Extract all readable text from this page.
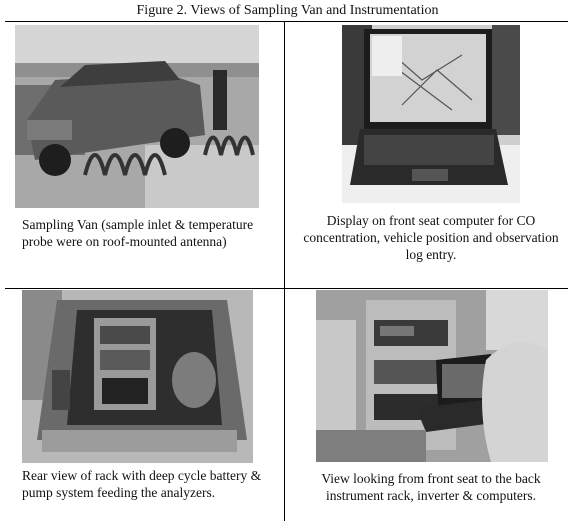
Figure 2. Views of Sampling Van and Instrumentation
Sampling Van (sample inlet & temperature probe were on roof-mounted antenna)
Display on front seat computer for CO concentration, vehicle position and observation log entry.
Rear view of rack with deep cycle battery & pump system feeding the analyzers.
View looking from front seat to the back instrument rack, inverter & computers.
